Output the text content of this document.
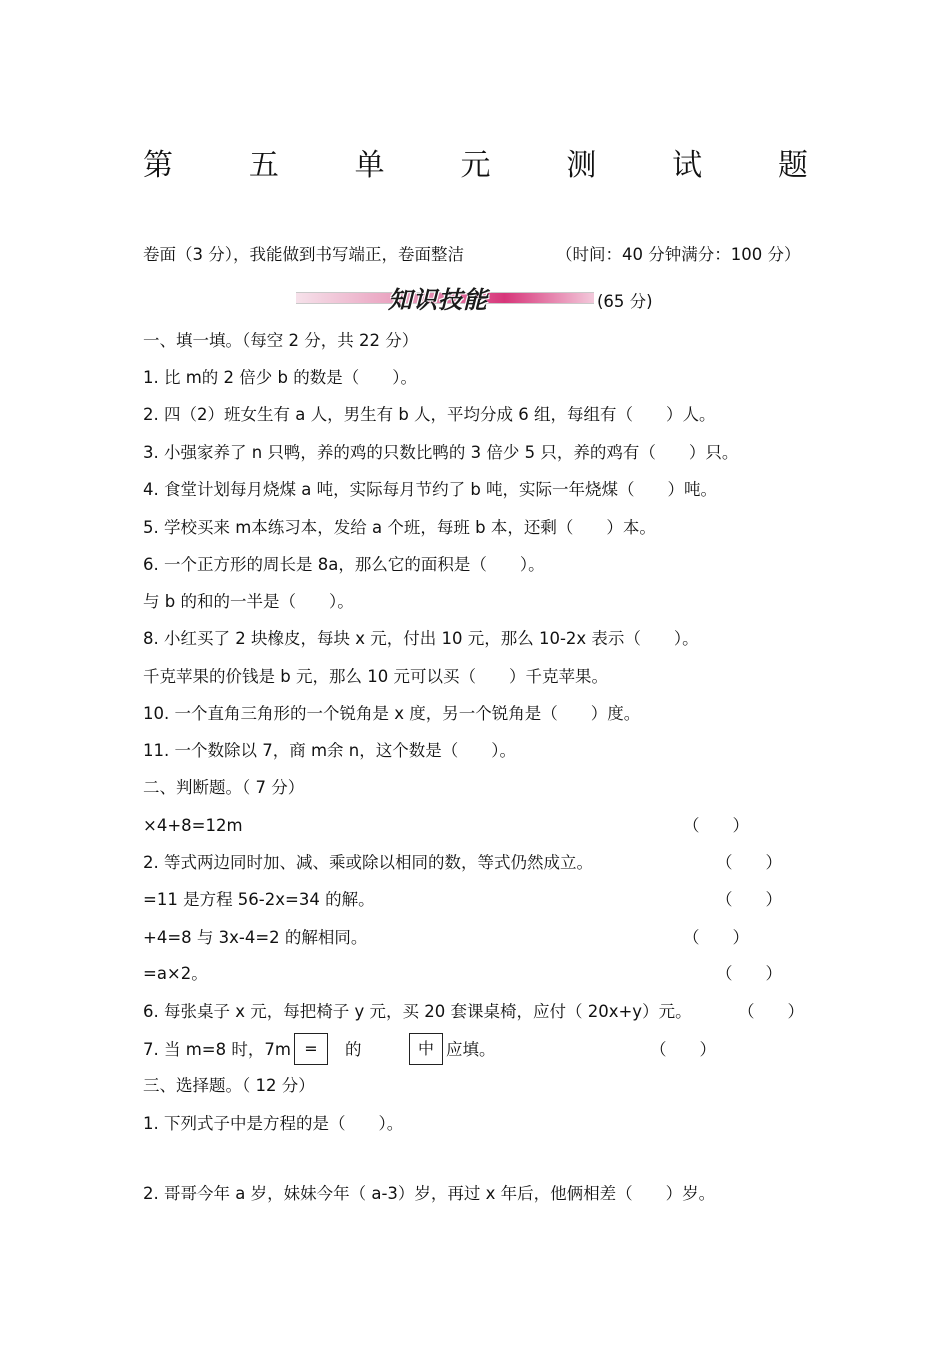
第	五	单	元	测	试	题
卷面（3 分），我能做到书写端正，卷面整洁	（时间：40 分钟满分：100 分）
知识技能	(65 分)
一、填一填。（每空 2 分，共 22 分）
1. 比 m的 2 倍少 b 的数是（　　）。
2. 四（2）班女生有 a 人，男生有 b 人，平均分成 6 组，每组有（　　）人。
3. 小强家养了 n 只鸭，养的鸡的只数比鸭的 3 倍少 5 只，养的鸡有（　　）只。
4. 食堂计划每月烧煤 a 吨，实际每月节约了 b 吨，实际一年烧煤（　　）吨。
5. 学校买来 m本练习本，发给 a 个班，每班 b 本，还剩（　　）本。
6. 一个正方形的周长是 8a，那么它的面积是（　　）。
与 b 的和的一半是（　　）。
8. 小红买了 2 块橡皮，每块 x 元，付出 10 元，那么 10-2x 表示（　　）。
千克苹果的价钱是 b 元，那么 10 元可以买（　　）千克苹果。
10. 一个直角三角形的一个锐角是 x 度，另一个锐角是（　　）度。
11. 一个数除以 7，商 m余 n，这个数是（　　）。
二、判断题。（ 7 分）
×4+8=12m	（　　）
2. 等式两边同时加、减、乘或除以相同的数，等式仍然成立。	（　　）
=11 是方程 56-2x=34 的解。	（　　）
+4=8 与 3x-4=2 的解相同。	（　　）
=a×2。	（　　）
6. 每张桌子 x 元，每把椅子 y 元，买 20 套课桌椅，应付（ 20x+y）元。	（　　）
7. 当 m=8 时，7m =	的	中 应填。	（　　）
三、选择题。（ 12 分）
1. 下列式子中是方程的是（　　）。
2. 哥哥今年 a 岁，妹妹今年（ a-3）岁，再过 x 年后，他俩相差（　　）岁。
